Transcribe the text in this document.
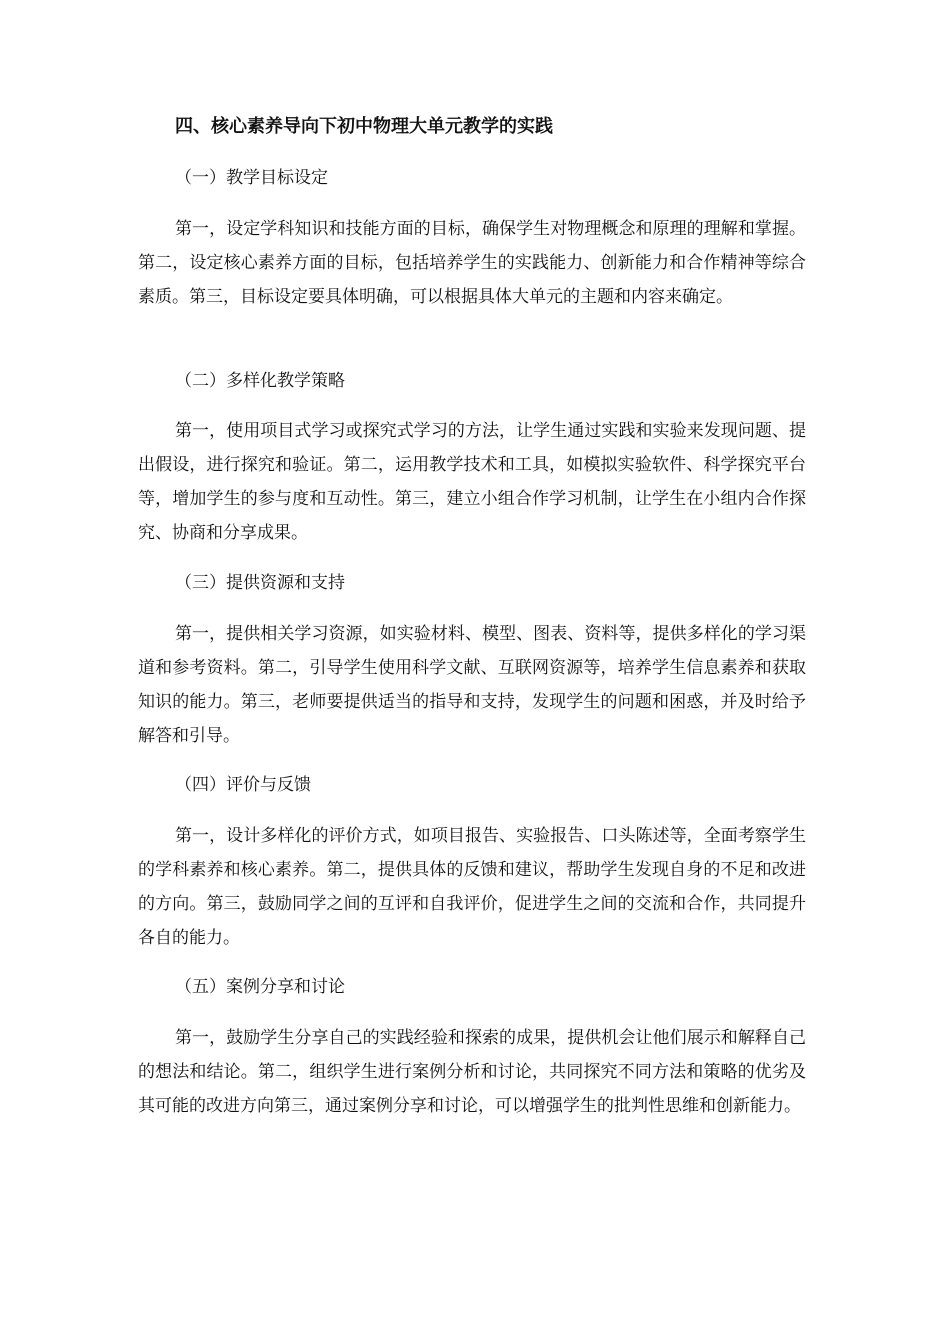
四、核心素养导向下初中物理大单元教学的实践
（一）教学目标设定
第一，设定学科知识和技能方面的目标，确保学生对物理概念和原理的理解和掌握。第二，设定核心素养方面的目标，包括培养学生的实践能力、创新能力和合作精神等综合素质。第三，目标设定要具体明确，可以根据具体大单元的主题和内容来确定。
（二）多样化教学策略
第一，使用项目式学习或探究式学习的方法，让学生通过实践和实验来发现问题、提出假设，进行探究和验证。第二，运用教学技术和工具，如模拟实验软件、科学探究平台等，增加学生的参与度和互动性。第三，建立小组合作学习机制，让学生在小组内合作探究、协商和分享成果。
（三）提供资源和支持
第一，提供相关学习资源，如实验材料、模型、图表、资料等，提供多样化的学习渠道和参考资料。第二，引导学生使用科学文献、互联网资源等，培养学生信息素养和获取知识的能力。第三，老师要提供适当的指导和支持，发现学生的问题和困惑，并及时给予解答和引导。
（四）评价与反馈
第一，设计多样化的评价方式，如项目报告、实验报告、口头陈述等，全面考察学生的学科素养和核心素养。第二，提供具体的反馈和建议，帮助学生发现自身的不足和改进的方向。第三，鼓励同学之间的互评和自我评价，促进学生之间的交流和合作，共同提升各自的能力。
（五）案例分享和讨论
第一，鼓励学生分享自己的实践经验和探索的成果，提供机会让他们展示和解释自己的想法和结论。第二，组织学生进行案例分析和讨论，共同探究不同方法和策略的优劣及其可能的改进方向第三，通过案例分享和讨论，可以增强学生的批判性思维和创新能力。
